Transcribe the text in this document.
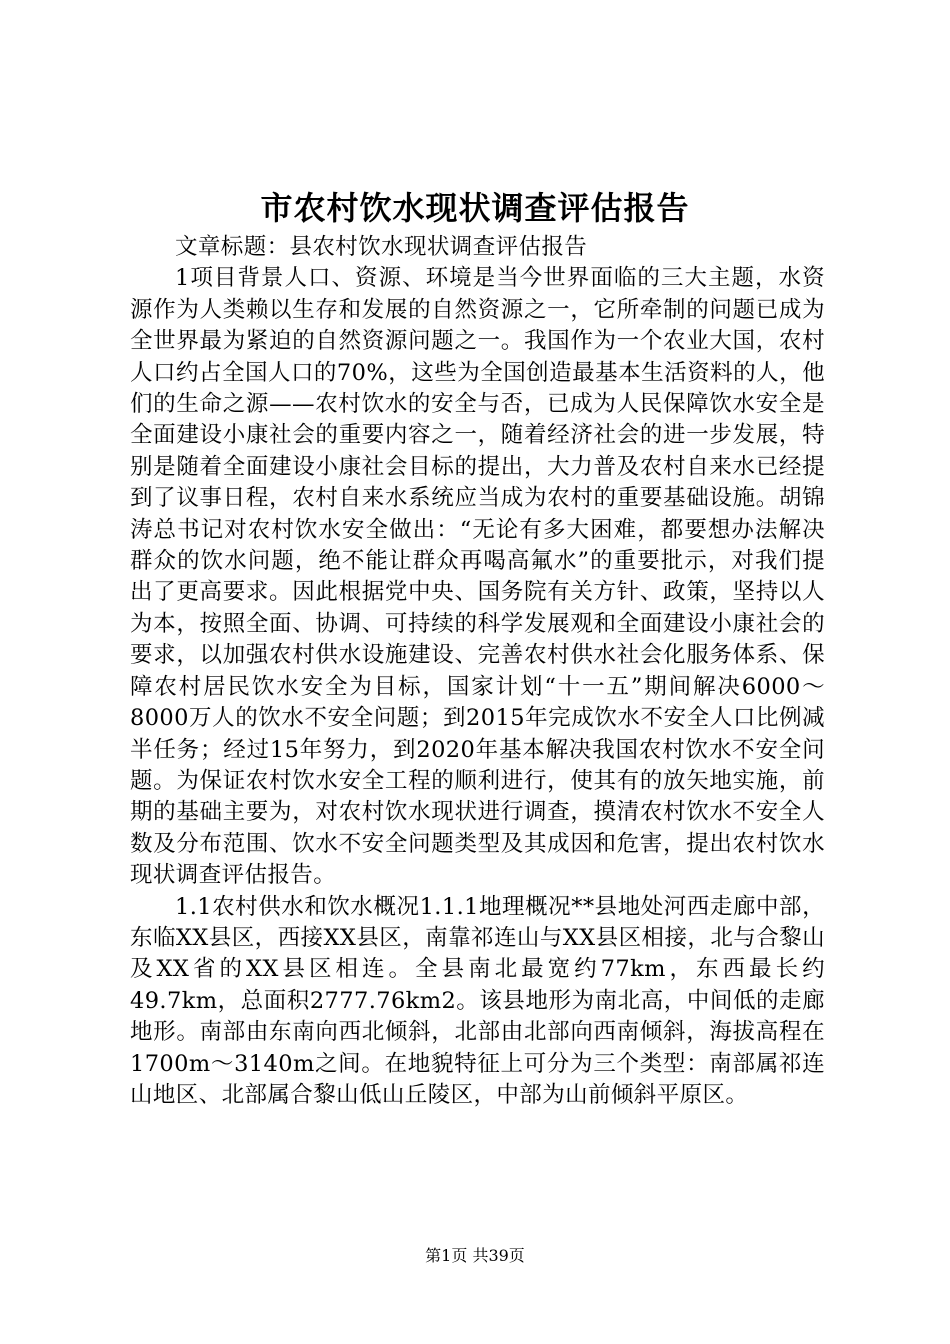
市农村饮水现状调查评估报告

文章标题：县农村饮水现状调查评估报告

1项目背景人口、资源、环境是当今世界面临的三大主题，水资源作为人类赖以生存和发展的自然资源之一，它所牵制的问题已成为全世界最为紧迫的自然资源问题之一。我国作为一个农业大国，农村人口约占全国人口的70%，这些为全国创造最基本生活资料的人，他们的生命之源——农村饮水的安全与否，已成为人民保障饮水安全是全面建设小康社会的重要内容之一，随着经济社会的进一步发展，特别是随着全面建设小康社会目标的提出，大力普及农村自来水已经提到了议事日程，农村自来水系统应当成为农村的重要基础设施。胡锦涛总书记对农村饮水安全做出：“无论有多大困难，都要想办法解决群众的饮水问题，绝不能让群众再喝高氟水”的重要批示，对我们提出了更高要求。因此根据党中央、国务院有关方针、政策，坚持以人为本，按照全面、协调、可持续的科学发展观和全面建设小康社会的要求，以加强农村供水设施建设、完善农村供水社会化服务体系、保障农村居民饮水安全为目标，国家计划“十一五”期间解决6000～8000万人的饮水不安全问题；到2015年完成饮水不安全人口比例减半任务；经过15年努力，到2020年基本解决我国农村饮水不安全问题。为保证农村饮水安全工程的顺利进行，使其有的放矢地实施，前期的基础主要为，对农村饮水现状进行调查，摸清农村饮水不安全人数及分布范围、饮水不安全问题类型及其成因和危害，提出农村饮水现状调查评估报告。

1.1农村供水和饮水概况1.1.1地理概况**县地处河西走廊中部，东临XX县区，西接XX县区，南靠祁连山与XX县区相接，北与合黎山及XX省的XX县区相连。全县南北最宽约77km，东西最长约49.7km，总面积2777.76km2。该县地形为南北高，中间低的走廊地形。南部由东南向西北倾斜，北部由北部向西南倾斜，海拔高程在1700m～3140m之间。在地貌特征上可分为三个类型：南部属祁连山地区、北部属合黎山低山丘陵区，中部为山前倾斜平原区。

第1页 共39页
